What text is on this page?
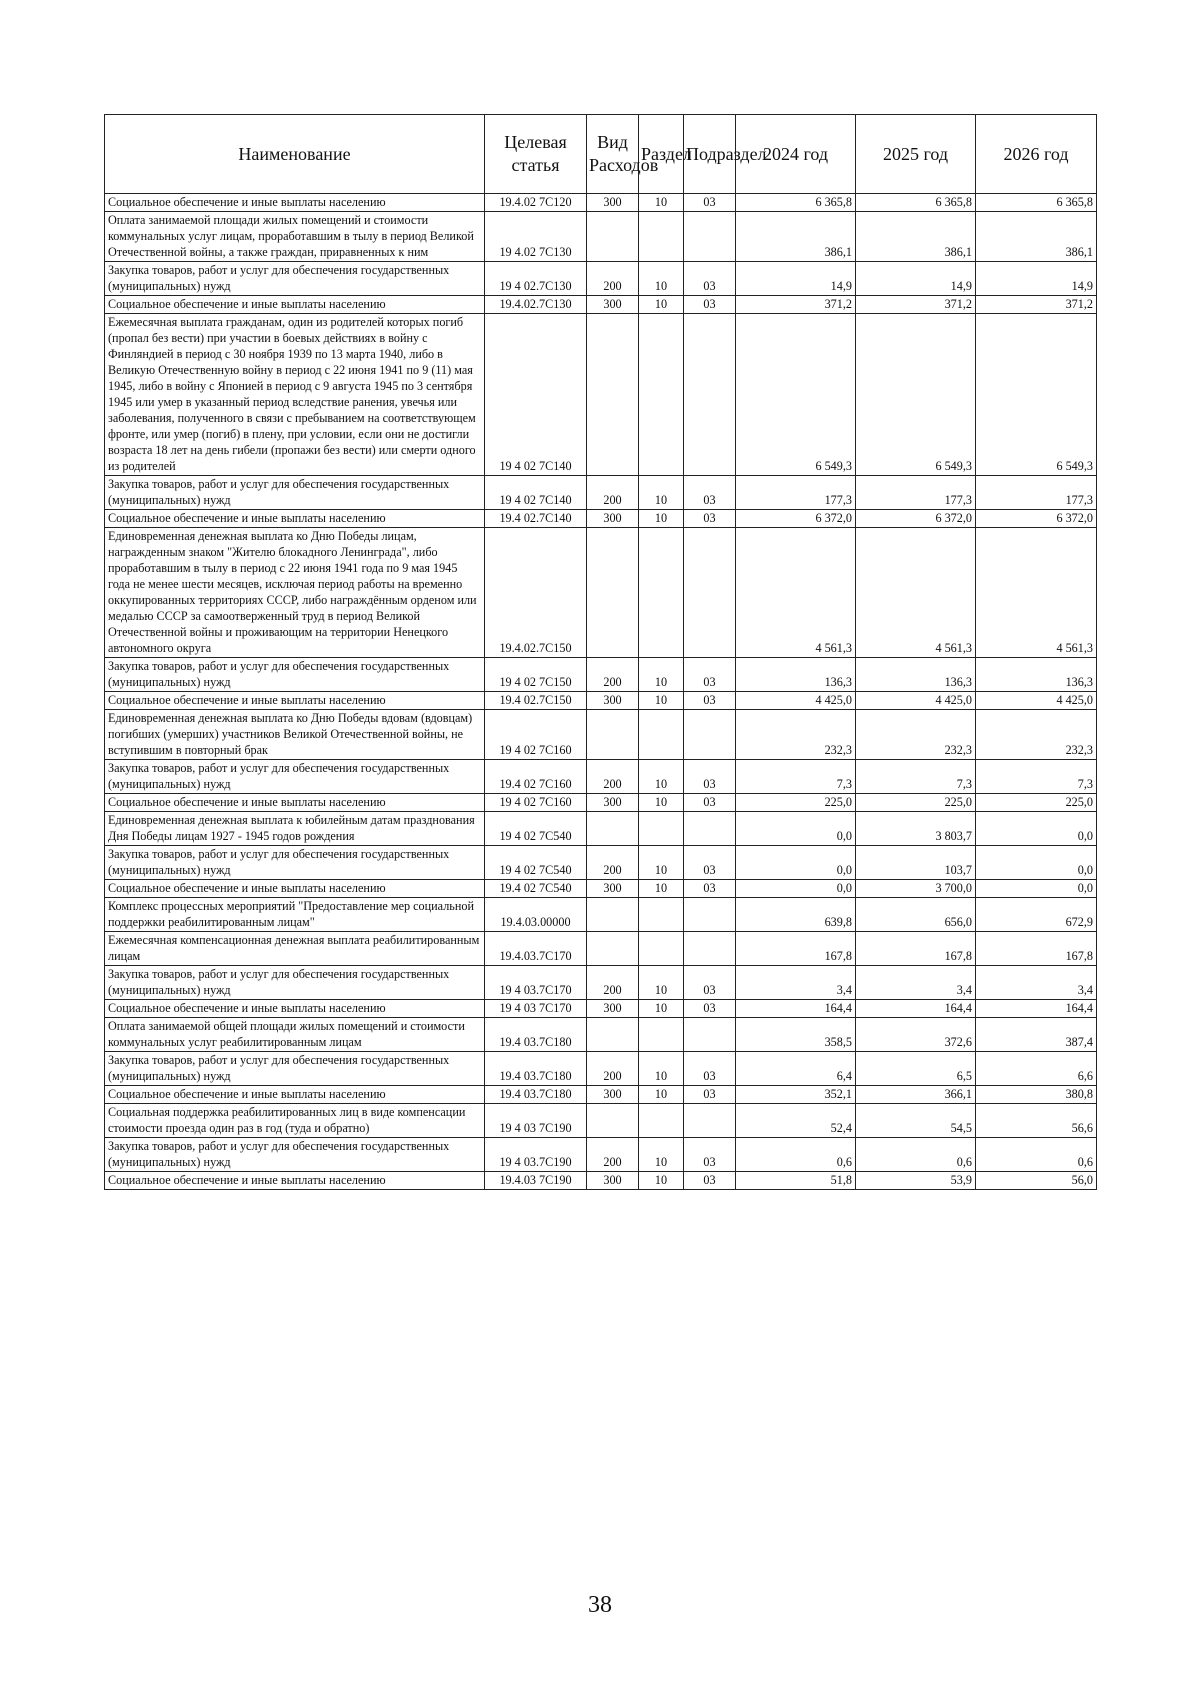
Наименование	Целевая статья	Вид Расходов	Раздел	Подраздел	2024 год	2025 год	2026 год
Социальное обеспечение и иные выплаты населению	19.4.02 7C120	300	10	03	6 365,8	6 365,8	6 365,8
Оплата занимаемой площади жилых помещений и стоимости коммунальных услуг лицам, проработавшим в тылу в период Великой Отечественной войны, а также граждан, приравненных к ним	19 4.02 7C130				386,1	386,1	386,1
Закупка товаров, работ и услуг для обеспечения государственных (муниципальных) нужд	19 4 02.7C130	200	10	03	14,9	14,9	14,9
Социальное обеспечение и иные выплаты населению	19.4.02.7C130	300	10	03	371,2	371,2	371,2
Ежемесячная выплата гражданам, один из родителей которых погиб (пропал без вести) при участии в боевых действиях в войну с Финляндией в период с 30 ноября 1939 по 13 марта 1940, либо в Великую Отечественную войну в период с 22 июня 1941 по 9 (11) мая 1945, либо в войну с Японией в период с 9 августа 1945 по 3 сентября 1945 или умер в указанный период вследствие ранения, увечья или заболевания, полученного в связи с пребыванием на соответствующем фронте, или умер (погиб) в плену, при условии, если они не достигли возраста 18 лет на день гибели (пропажи без вести) или смерти одного из родителей	19 4 02 7C140				6 549,3	6 549,3	6 549,3
Закупка товаров, работ и услуг для обеспечения государственных (муниципальных) нужд	19 4 02 7C140	200	10	03	177,3	177,3	177,3
Социальное обеспечение и иные выплаты населению	19.4 02.7C140	300	10	03	6 372,0	6 372,0	6 372,0
Единовременная денежная выплата ко Дню Победы лицам, награжденным знаком "Жителю блокадного Ленинграда", либо проработавшим в тылу в период с 22 июня 1941 года по 9 мая 1945 года не менее шести месяцев, исключая период работы на временно оккупированных территориях СССР, либо награждённым орденом или медалью СССР за самоотверженный труд в период Великой Отечественной войны и проживающим на территории Ненецкого автономного округа	19.4.02.7C150				4 561,3	4 561,3	4 561,3
Закупка товаров, работ и услуг для обеспечения государственных (муниципальных) нужд	19 4 02 7C150	200	10	03	136,3	136,3	136,3
Социальное обеспечение и иные выплаты населению	19.4 02.7C150	300	10	03	4 425,0	4 425,0	4 425,0
Единовременная денежная выплата ко Дню Победы вдовам (вдовцам) погибших (умерших) участников Великой Отечественной войны, не вступившим в повторный брак	19 4 02 7C160				232,3	232,3	232,3
Закупка товаров, работ и услуг для обеспечения государственных (муниципальных) нужд	19.4 02 7C160	200	10	03	7,3	7,3	7,3
Социальное обеспечение и иные выплаты населению	19 4 02 7C160	300	10	03	225,0	225,0	225,0
Единовременная денежная выплата к юбилейным датам празднования Дня Победы лицам 1927 - 1945 годов рождения	19 4 02 7C540				0,0	3 803,7	0,0
Закупка товаров, работ и услуг для обеспечения государственных (муниципальных) нужд	19 4 02 7C540	200	10	03	0,0	103,7	0,0
Социальное обеспечение и иные выплаты населению	19.4 02 7C540	300	10	03	0,0	3 700,0	0,0
Комплекс процессных мероприятий "Предоставление мер социальной поддержки реабилитированным лицам"	19.4.03.00000				639,8	656,0	672,9
Ежемесячная компенсационная денежная выплата реабилитированным лицам	19.4.03.7C170				167,8	167,8	167,8
Закупка товаров, работ и услуг для обеспечения государственных (муниципальных) нужд	19 4 03.7C170	200	10	03	3,4	3,4	3,4
Социальное обеспечение и иные выплаты населению	19 4 03 7C170	300	10	03	164,4	164,4	164,4
Оплата занимаемой общей площади жилых помещений и стоимости коммунальных услуг реабилитированным лицам	19.4 03.7C180				358,5	372,6	387,4
Закупка товаров, работ и услуг для обеспечения государственных (муниципальных) нужд	19.4 03.7C180	200	10	03	6,4	6,5	6,6
Социальное обеспечение и иные выплаты населению	19.4 03.7C180	300	10	03	352,1	366,1	380,8
Социальная поддержка реабилитированных лиц в виде компенсации стоимости проезда один раз в год (туда и обратно)	19 4 03 7C190				52,4	54,5	56,6
Закупка товаров, работ и услуг для обеспечения государственных (муниципальных) нужд	19 4 03.7C190	200	10	03	0,6	0,6	0,6
Социальное обеспечение и иные выплаты населению	19.4.03 7C190	300	10	03	51,8	53,9	56,0
38
